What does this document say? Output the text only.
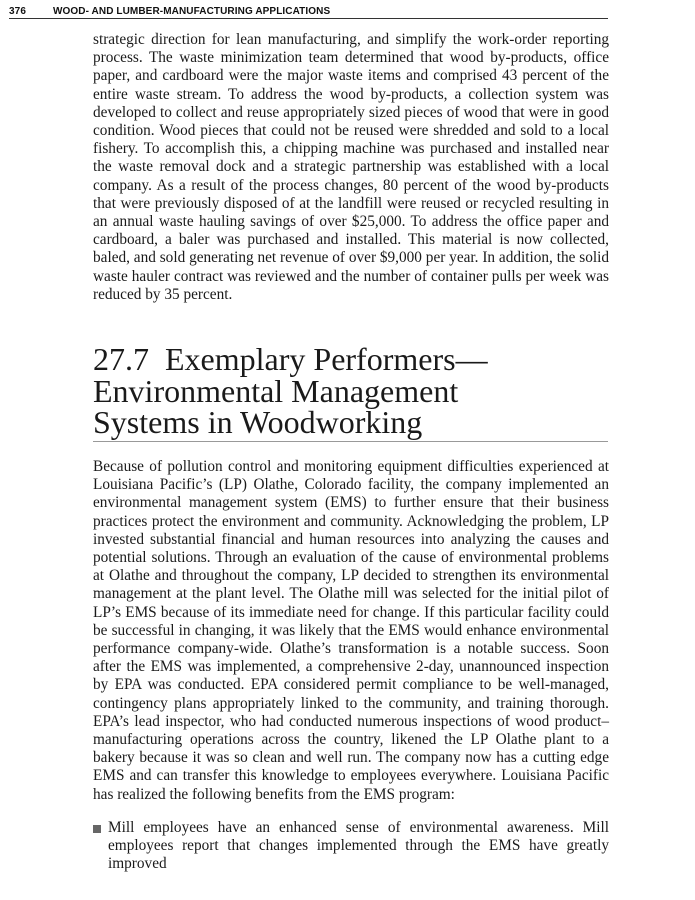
376	WOOD- AND LUMBER-MANUFACTURING APPLICATIONS

strategic direction for lean manufacturing, and simplify the work-order reporting process. The waste minimization team determined that wood by-products, office paper, and cardboard were the major waste items and comprised 43 percent of the entire waste stream. To address the wood by-products, a collection system was developed to collect and reuse appropriately sized pieces of wood that were in good condition. Wood pieces that could not be reused were shredded and sold to a local fishery. To accomplish this, a chipping machine was purchased and installed near the waste removal dock and a strategic partnership was established with a local company. As a result of the process changes, 80 percent of the wood by-products that were previously disposed of at the landfill were reused or recycled resulting in an annual waste hauling savings of over $25,000. To address the office paper and cardboard, a baler was purchased and installed. This material is now collected, baled, and sold generating net revenue of over $9,000 per year. In addition, the solid waste hauler contract was reviewed and the number of container pulls per week was reduced by 35 percent.

27.7 Exemplary Performers—
Environmental Management
Systems in Woodworking

Because of pollution control and monitoring equipment difficulties experienced at Louisiana Pacific’s (LP) Olathe, Colorado facility, the company implemented an environmental management system (EMS) to further ensure that their business practices protect the environment and community. Acknowledging the problem, LP invested substantial financial and human resources into analyzing the causes and potential solutions. Through an evaluation of the cause of environmental problems at Olathe and throughout the company, LP decided to strengthen its environmental management at the plant level. The Olathe mill was selected for the initial pilot of LP’s EMS because of its immediate need for change. If this particular facility could be successful in changing, it was likely that the EMS would enhance environmental performance company-wide. Olathe’s transformation is a notable success. Soon after the EMS was implemented, a comprehensive 2-day, unannounced inspection by EPA was conducted. EPA considered permit compliance to be well-managed, contingency plans appropriately linked to the community, and training thorough. EPA’s lead inspector, who had conducted numerous inspections of wood product–manufacturing operations across the country, likened the LP Olathe plant to a bakery because it was so clean and well run. The company now has a cutting edge EMS and can transfer this knowledge to employees everywhere. Louisiana Pacific has realized the following benefits from the EMS program:

Mill employees have an enhanced sense of environmental awareness. Mill employees report that changes implemented through the EMS have greatly improved
